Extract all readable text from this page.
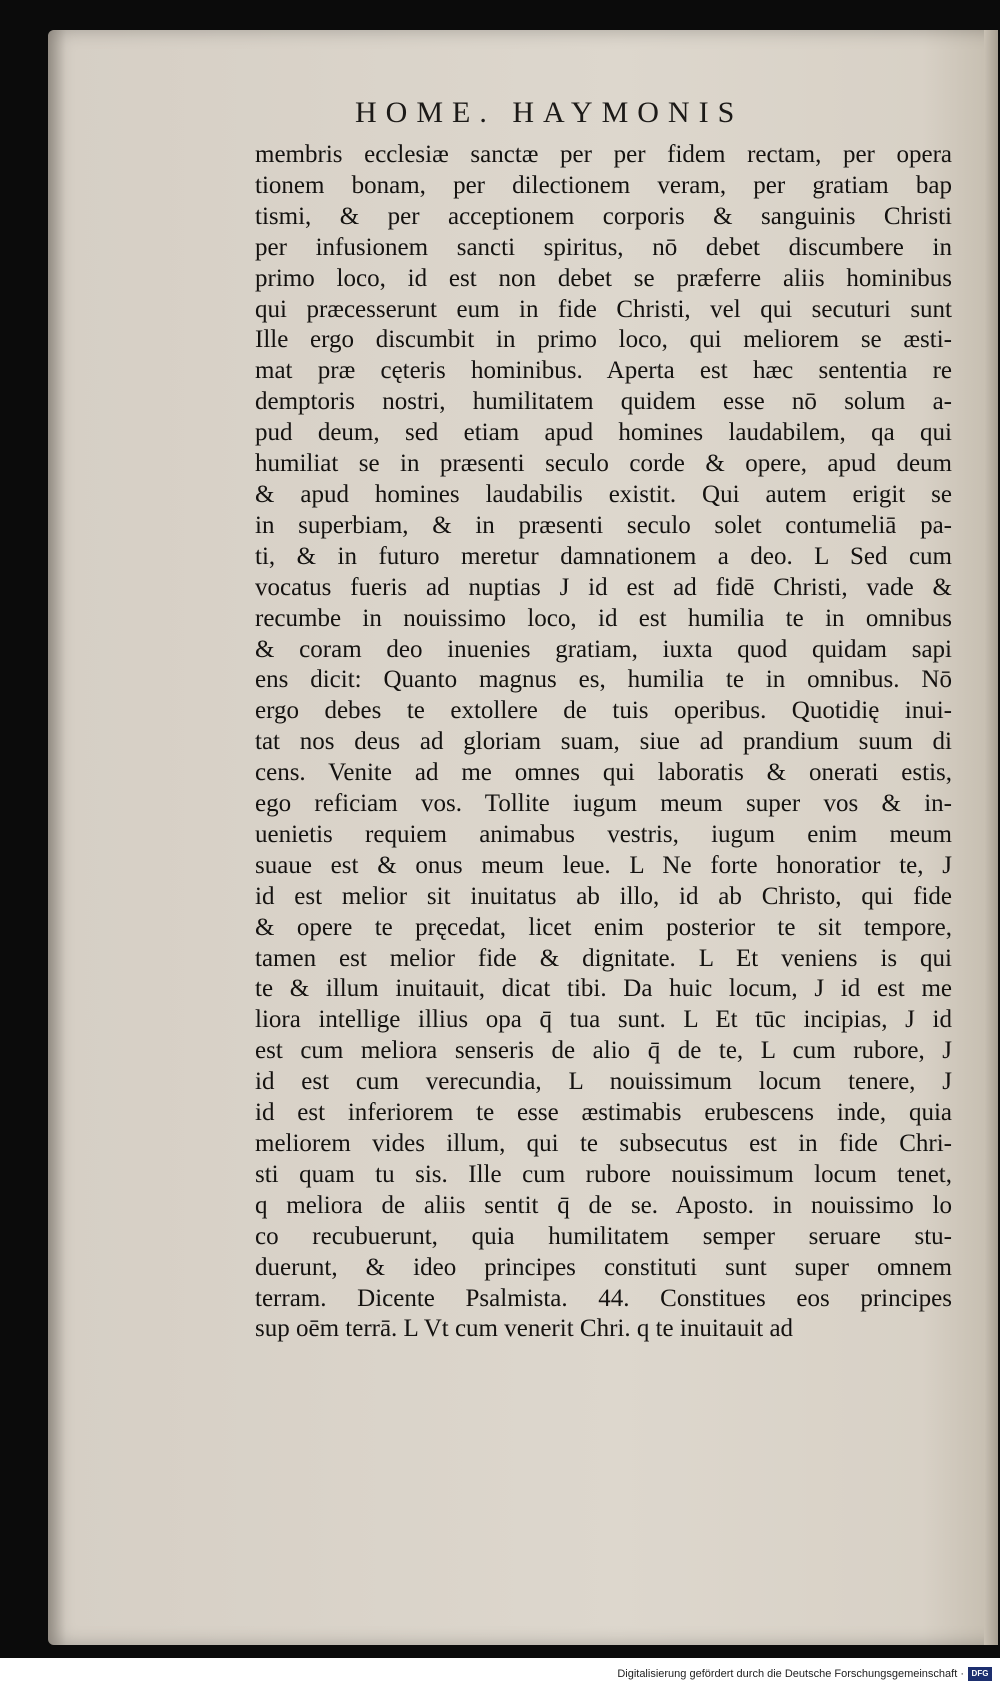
HOME. HAYMONIS
membris ecclesiæ sanctæ per per fidem rectam, per opera
tionem bonam, per dilectionem veram, per gratiam bap
tismi, & per acceptionem corporis & sanguinis Christi
per infusionem sancti spiritus, nō debet discumbere in
primo loco, id est non debet se præferre aliis hominibus
qui præcesserunt eum in fide Christi, vel qui secuturi sunt
Ille ergo discumbit in primo loco, qui meliorem se æsti-
mat præ cęteris hominibus. Aperta est hæc sententia re
demptoris nostri, humilitatem quidem esse nō solum a-
pud deum, sed etiam apud homines laudabilem, qa qui
humiliat se in præsenti seculo corde & opere, apud deum
& apud homines laudabilis existit. Qui autem erigit se
in superbiam, & in præsenti seculo solet contumeliā pa-
ti, & in futuro meretur damnationem a deo. L Sed cum
vocatus fueris ad nuptias J id est ad fidē Christi, vade &
recumbe in nouissimo loco, id est humilia te in omnibus
& coram deo inuenies gratiam, iuxta quod quidam sapi
ens dicit: Quanto magnus es, humilia te in omnibus. Nō
ergo debes te extollere de tuis operibus. Quotidię inui-
tat nos deus ad gloriam suam, siue ad prandium suum di
cens. Venite ad me omnes qui laboratis & onerati estis,
ego reficiam vos. Tollite iugum meum super vos & in-
uenietis requiem animabus vestris, iugum enim meum
suaue est & onus meum leue. L Ne forte honoratior te, J
id est melior sit inuitatus ab illo, id ab Christo, qui fide
& opere te pręcedat, licet enim posterior te sit tempore,
tamen est melior fide & dignitate. L Et veniens is qui
te & illum inuitauit, dicat tibi. Da huic locum, J id est me
liora intellige illius opa q̄ tua sunt. L Et tūc incipias, J id
est cum meliora senseris de alio q̄ de te, L cum rubore, J
id est cum verecundia, L nouissimum locum tenere, J
id est inferiorem te esse æstimabis erubescens inde, quia
meliorem vides illum, qui te subsecutus est in fide Chri-
sti quam tu sis. Ille cum rubore nouissimum locum tenet,
q meliora de aliis sentit q̄ de se. Aposto. in nouissimo lo
co recubuerunt, quia humilitatem semper seruare stu-
duerunt, & ideo principes constituti sunt super omnem
terram. Dicente Psalmista. 44. Constitues eos principes
sup oēm terrā. L Vt cum venerit Chri. q te inuitauit ad
Digitalisierung gefördert durch die Deutsche Forschungsgemeinschaft · DFG
